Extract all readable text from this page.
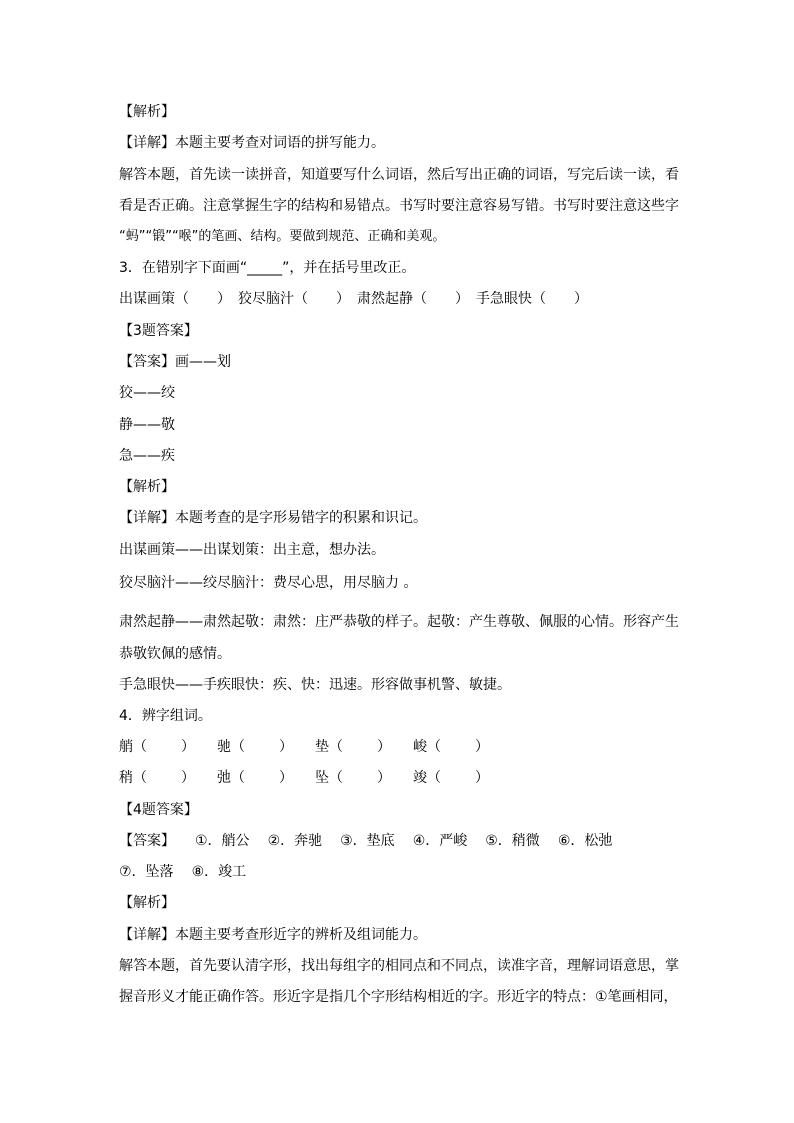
【解析】
【详解】本题主要考查对词语的拼写能力。
解答本题，首先读一读拼音，知道要写什么词语，然后写出正确的词语，写完后读一读，看
看是否正确。注意掌握生字的结构和易错点。书写时要注意容易写错。书写时要注意这些字
“蚂”“锻”“喉”的笔画、结构。要做到规范、正确和美观。
3．在错别字下面画“_____”，并在括号里改正。
出谋画策（　　）　狡尽脑汁（　　）　肃然起静（　　）　手急眼快（　　）
【3题答案】
【答案】画——划
狡——绞
静——敬
急——疾
【解析】
【详解】本题考查的是字形易错字的积累和识记。
出谋画策——出谋划策：出主意，想办法。
狡尽脑汁——绞尽脑汁：费尽心思，用尽脑力 。
肃然起静——肃然起敬：肃然：庄严恭敬的样子。起敬：产生尊敬、佩服的心情。形容产生
恭敬钦佩的感情。
手急眼快——手疾眼快：疾、快：迅速。形容做事机警、敏捷。
4．辨字组词。
艄（ ） 驰（ ） 垫（ ） 峻（ ）
稍（ ） 弛（ ） 坠（ ） 竣（ ）
【4题答案】
【答案】 ①．艄公 ②．奔驰 ③．垫底 ④．严峻 ⑤．稍微 ⑥．松弛
⑦．坠落 ⑧．竣工
【解析】
【详解】本题主要考查形近字的辨析及组词能力。
解答本题，首先要认清字形，找出每组字的相同点和不同点，读准字音，理解词语意思，掌
握音形义才能正确作答。形近字是指几个字形结构相近的字。形近字的特点：①笔画相同，
